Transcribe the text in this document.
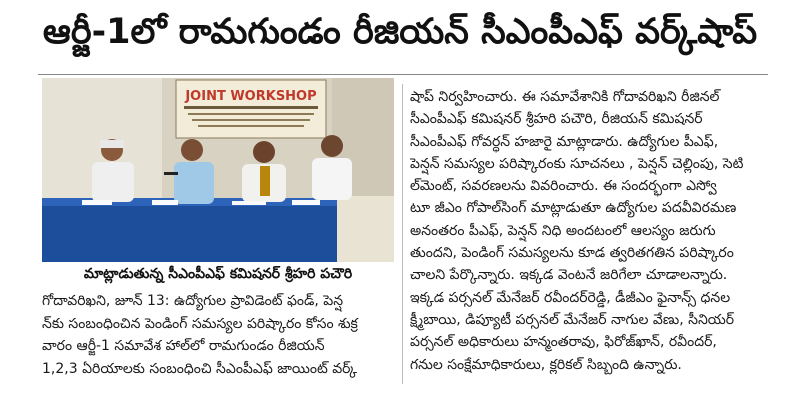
ఆర్జీ-1లో రామగుండం రీజియన్ సీఎంపీఎఫ్ వర్క్‌షాప్
JOINT WORKSHOP
మాట్లాడుతున్న సీఎంపీఎఫ్ కమిషనర్ శ్రీహరి పచౌరి
గోదావరిఖని, జూన్ 13: ఉద్యోగుల ప్రావిడెంట్ ఫండ్, పెన్ష
న్‌కు సంబంధించిన పెండింగ్ సమస్యల పరిష్కారం కోసం శుక్ర
వారం ఆర్జీ-1 సమావేశ హాల్‌లో రామగుండం రీజియన్
1,2,3 ఏరియాలకు సంబంధించి సీఎంపీఎఫ్ జాయింట్ వర్క్
షాప్ నిర్వహించారు. ఈ సమావేశానికి గోదావరిఖని రీజినల్
సీఎంపీఎఫ్ కమిషనర్ శ్రీహరి పచౌరి, రీజియన్ కమిషనర్
సీఎంపీఎఫ్ గోవర్ధన్ హజారై మాట్లాడారు. ఉద్యోగుల పీఎఫ్,
పెన్షన్ సమస్యల పరిష్కారంకు సూచనలు , పెన్షన్ చెల్లింపు, సెటి
ల్‌మెంట్, సవరణలను వివరించారు. ఈ సందర్భంగా ఎస్వో
టూ జీఎం గోపాల్‌సింగ్ మాట్లాడుతూ ఉద్యోగుల పదవీవిరమణ
అనంతరం పీఎఫ్, పెన్షన్ నిధి అందటంలో ఆలస్యం జరుగు
తుందని, పెండింగ్ సమస్యలను కూడ త్వరితగతిన పరిష్కారం
చాలని పేర్కొన్నారు. ఇక్కడ వెంటనే జరిగేలా చూడాలన్నారు.
ఇక్కడ పర్సనల్ మేనేజర్ రవీందర్‌రెడ్డి, డీజీఎం ఫైనాన్స్ ధనల
క్ష్మీబాయి, డిప్యూటీ పర్సనల్ మేనేజర్ నాగుల వేణు, సీనియర్
పర్సనల్ అధికారులు హన్మంతరావు, ఫిరోజ్‌ఖాన్, రవీందర్,
గనుల సంక్షేమాధికారులు, క్లరికల్ సిబ్బంది ఉన్నారు.
